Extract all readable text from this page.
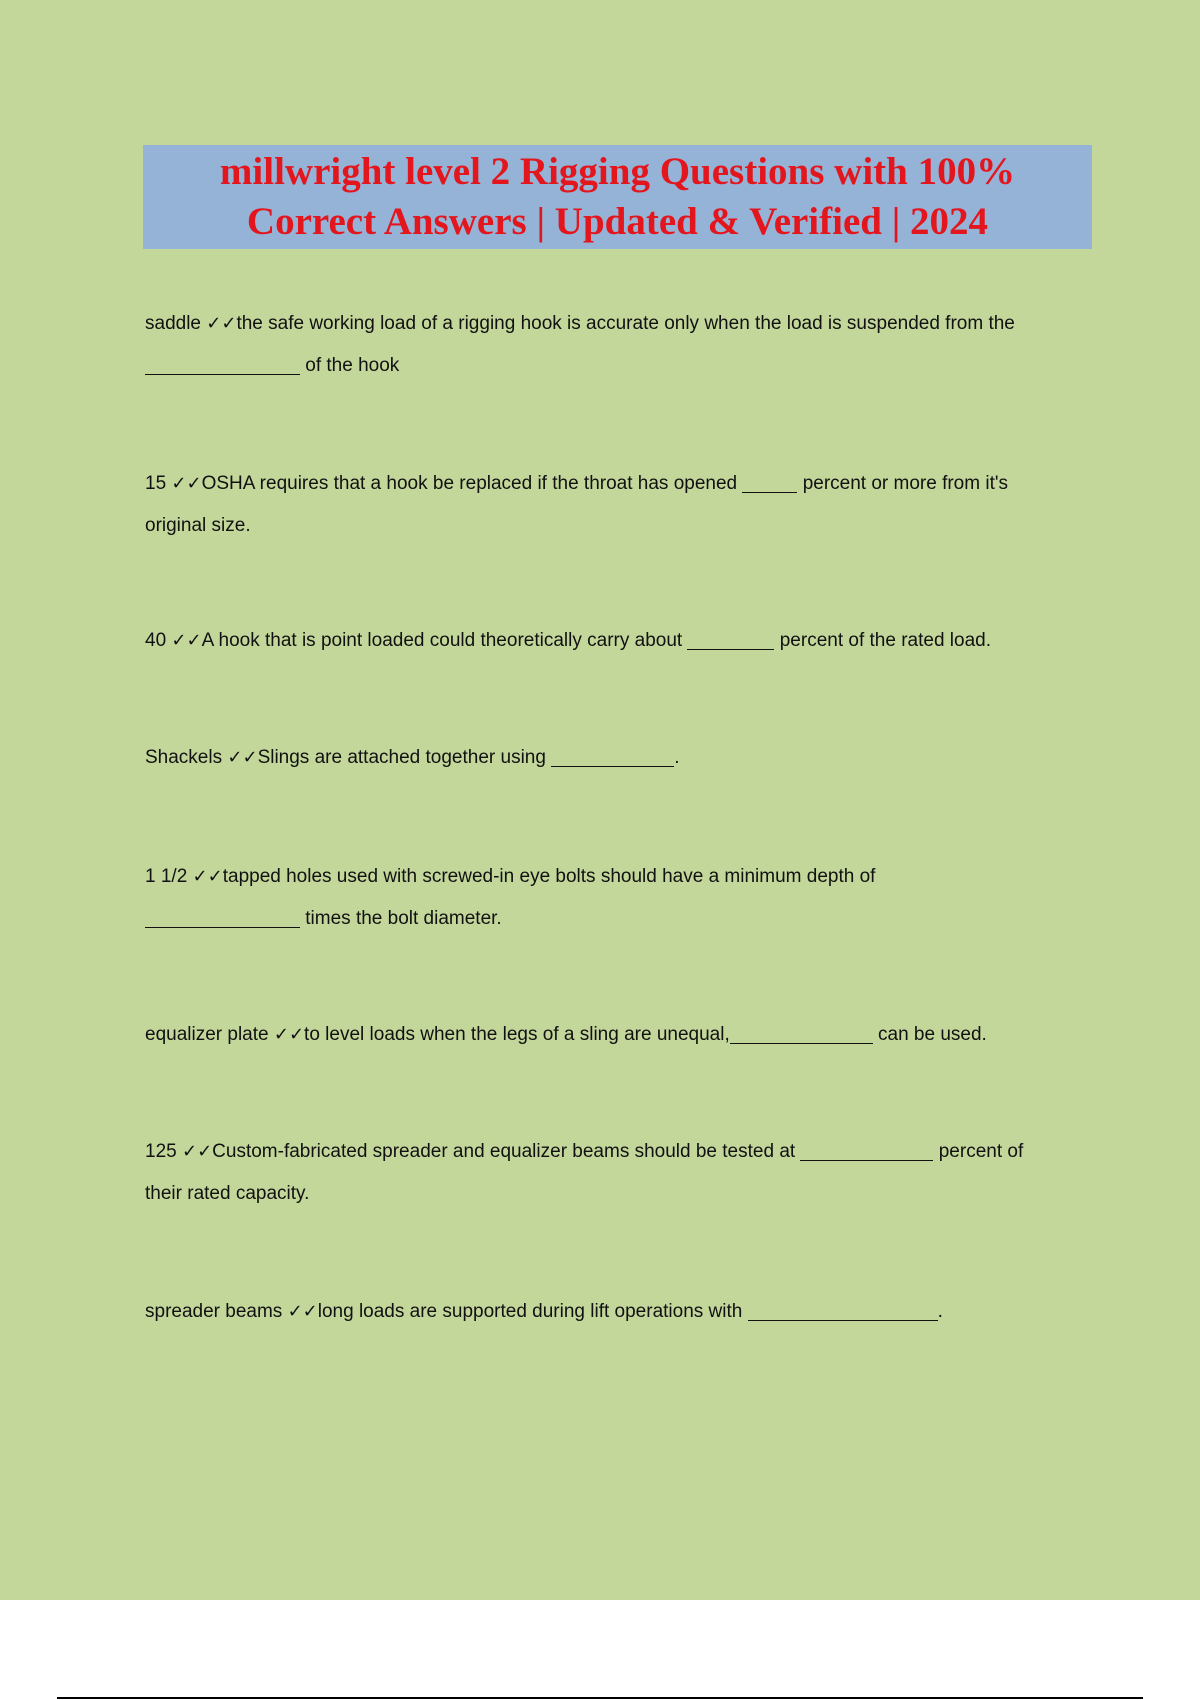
millwright level 2 Rigging Questions with 100%
Correct Answers | Updated & Verified | 2024
saddle ✓✓the safe working load of a rigging hook is accurate only when the load is suspended from the
of the hook
15 ✓✓OSHA requires that a hook be replaced if the throat has opened	percent or more from it's
original size.
40 ✓✓A hook that is point loaded could theoretically carry about	percent of the rated load.
Shackels ✓✓Slings are attached together using	.
1 1/2 ✓✓tapped holes used with screwed-in eye bolts should have a minimum depth of
times the bolt diameter.
equalizer plate ✓✓to level loads when the legs of a sling are unequal,	can be used.
125 ✓✓Custom-fabricated spreader and equalizer beams should be tested at	percent of
their rated capacity.
spreader beams ✓✓long loads are supported during lift operations with	.
